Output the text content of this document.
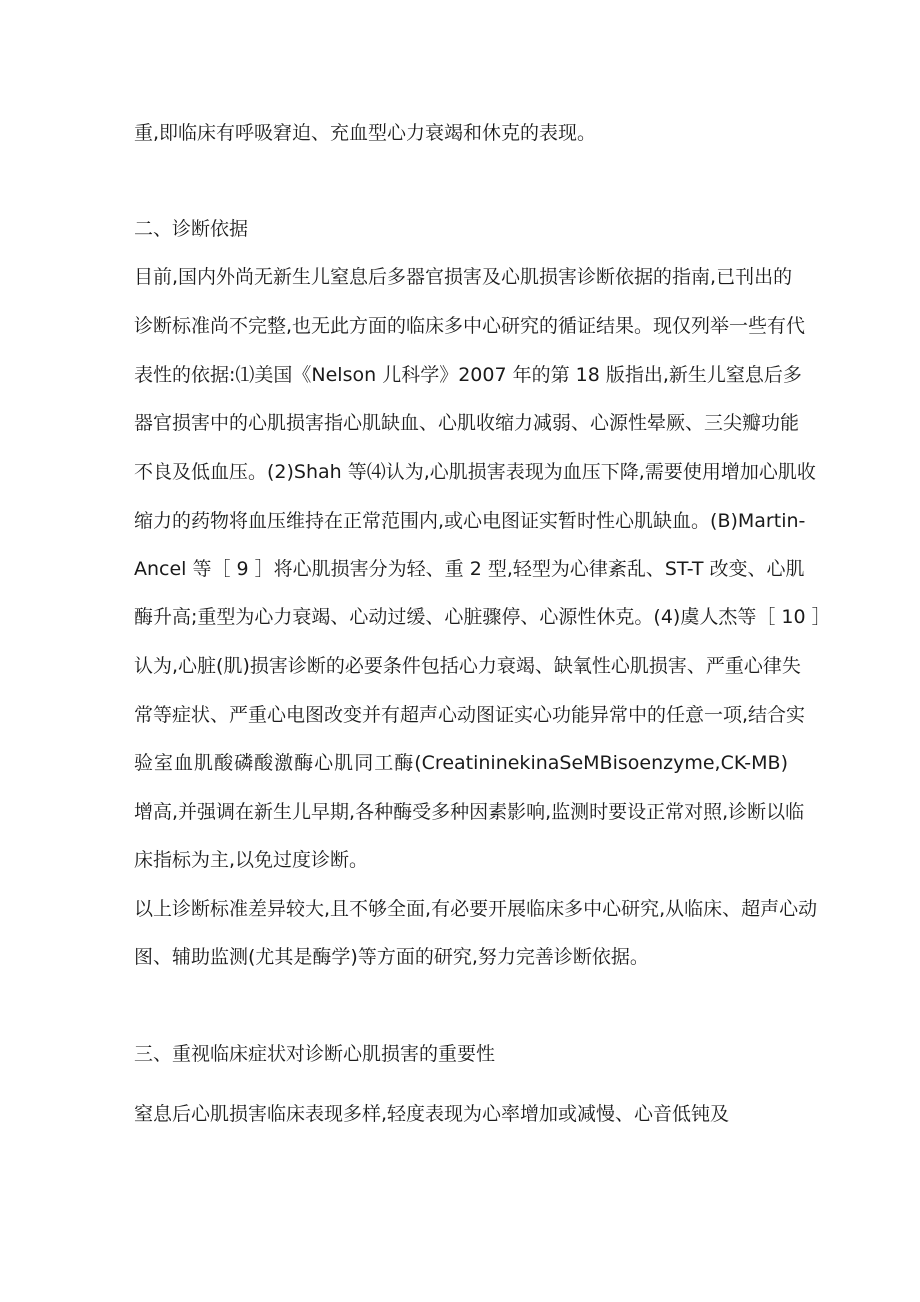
重,即临床有呼吸窘迫、充血型心力衰竭和休克的表现。
二、诊断依据
目前,国内外尚无新生儿窒息后多器官损害及心肌损害诊断依据的指南,已刊出的
诊断标准尚不完整,也无此方面的临床多中心研究的循证结果。现仅列举一些有代
表性的依据:⑴美国《Nelson 儿科学》2007 年的第 18 版指出,新生儿窒息后多
器官损害中的心肌损害指心肌缺血、心肌收缩力减弱、心源性晕厥、三尖瓣功能
不良及低血压。(2)Shah 等⑷认为,心肌损害表现为血压下降,需要使用增加心肌收
缩力的药物将血压维持在正常范围内,或心电图证实暂时性心肌缺血。(B)Martin-
Ancel 等［ 9 ］将心肌损害分为轻、重 2 型,轻型为心律紊乱、ST-T 改变、心肌
酶升高;重型为心力衰竭、心动过缓、心脏骤停、心源性休克。(4)虞人杰等［ 10 ］
认为,心脏(肌)损害诊断的必要条件包括心力衰竭、缺氧性心肌损害、严重心律失
常等症状、严重心电图改变并有超声心动图证实心功能异常中的任意一项,结合实
验室血肌酸磷酸激酶心肌同工酶(CreatininekinaSeMBisoenzyme,CK-MB)
增高,并强调在新生儿早期,各种酶受多种因素影响,监测时要设正常对照,诊断以临
床指标为主,以免过度诊断。
以上诊断标准差异较大,且不够全面,有必要开展临床多中心研究,从临床、超声心动
图、辅助监测(尤其是酶学)等方面的研究,努力完善诊断依据。
三、重视临床症状对诊断心肌损害的重要性
窒息后心肌损害临床表现多样,轻度表现为心率增加或减慢、心音低钝及
